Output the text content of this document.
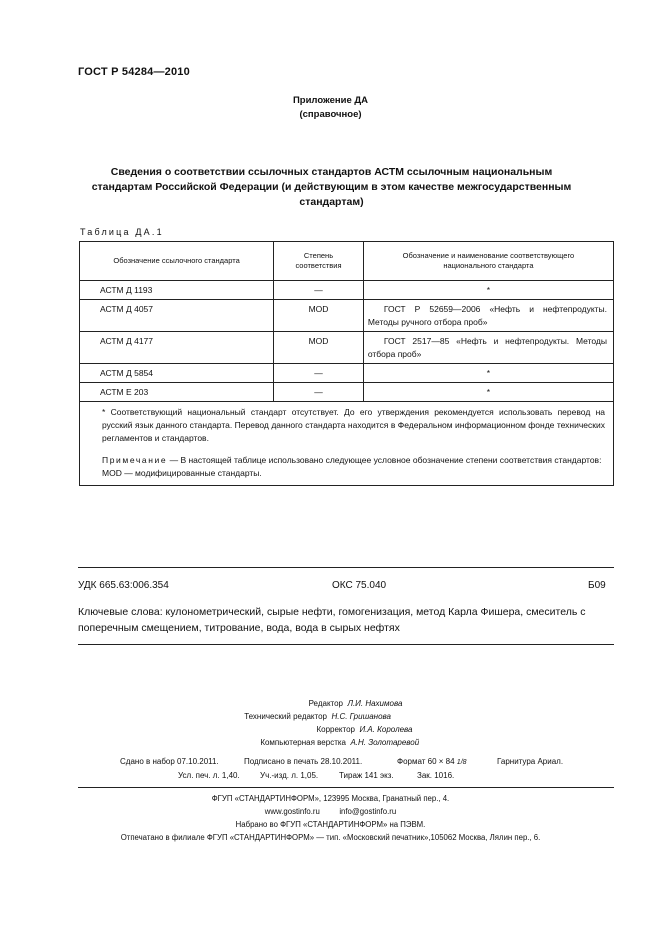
ГОСТ Р 54284—2010
Приложение ДА
(справочное)
Сведения о соответствии ссылочных стандартов АСТМ ссылочным национальным стандартам Российской Федерации (и действующим в этом качестве межгосударственным стандартам)
Таблица ДА.1
Обозначение ссылочного стандарта	Степень соответствия	Обозначение и наименование соответствующего национального стандарта

АСТМ Д 1193	—	*

АСТМ Д 4057	MOD	ГОСТ Р 52659—2006 «Нефть и нефтепродукты. Методы ручного отбора проб»

АСТМ Д 4177	MOD	ГОСТ 2517—85 «Нефть и нефтепродукты. Методы отбора проб»

АСТМ Д 5854	—	*

АСТМ Е 203	—	*

* Соответствующий национальный стандарт отсутствует. До его утверждения рекомендуется использовать перевод на русский язык данного стандарта. Перевод данного стандарта находится в Федеральном информационном фонде технических регламентов и стандартов.

Примечание — В настоящей таблице использовано следующее условное обозначение степени соответствия стандартов:

MOD — модифицированные стандарты.		

УДК 665.63:006.354	ОКС 75.040	Б09
Ключевые слова: кулонометрический, сырые нефти, гомогенизация, метод Карла Фишера, смеситель с поперечным смещением, титрование, вода, вода в сырых нефтях
Редактор Л.И. Нахимова
Технический редактор Н.С. Гришанова
Корректор И.А. Королева
Компьютерная верстка А.Н. Золотаревой
Сдано в набор 07.10.2011.	Подписано в печать 28.10.2011.	Формат 60 × 84 1/8	Гарнитура Ариал.
Усл. печ. л. 1,40.	Уч.-изд. л. 1,05.	Тираж 141 экз.	Зак. 1016.
ФГУП «СТАНДАРТИНФОРМ», 123995 Москва, Гранатный пер., 4.
www.gostinfo.ru	info@gostinfo.ru
Набрано во ФГУП «СТАНДАРТИНФОРМ» на ПЭВМ.
Отпечатано в филиале ФГУП «СТАНДАРТИНФОРМ» — тип. «Московский печатник»,105062 Москва, Лялин пер., 6.
